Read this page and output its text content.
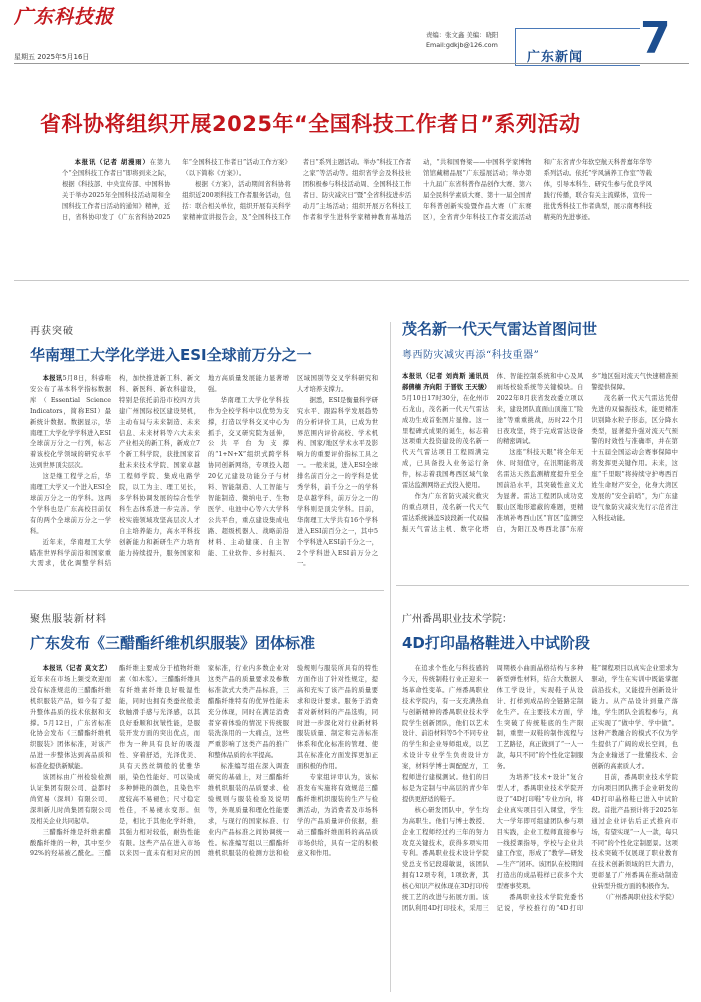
广东科技报
星期五 2025年5月16日
责编：张文鑫 美编：晓阳
Email:gdkjb@126.com
广东新闻 7
省科协将组织开展2025年“全国科技工作者日”系列活动

本报讯（记者 胡漫雨）在第九个“全国科技工作者日”即将到来之际，根据《科技部、中央宣传部、中国科协关于举办2025年全国科技活动周和全国科技工作者日活动的通知》精神，近日，省科协印发了《广东省科协2025年“全国科技工作者日”活动工作方案》（以下简称《方案》）。

根据《方案》，活动期间省科协将组织近200项科技工作者服务活动，包括：联合相关单位，组织开展有关科学家精神宣讲报告会，及“全国科技工作者日”系列主题活动。举办“科技工作者之家”等活动等。组织省学会及科技社团积极参与科技活动周、全国科技工作者日、防灾减灾日“暨”全省科技进步活动月”主场活动；组织开展万名科技工作者和学生进科学家精神教育基地活动，“共和国脊梁——中国科学家博物馆馆藏精品展”广东巡展活动；举办第十九届广东省科普作品创作大赛、第六届全民科学素质大赛、第十一届全国青年科普创新实验暨作品大赛（广东赛区），全省青少年科技工作者交流活动和广东省青少年软空航天科普嘉年华等系列活动。依托“学风涵养工作室”等载体，引导本科生、研究生参与优良学风践行传播，联合有关主流媒体，宣传一批优秀科技工作者典型，展示南粤科技精英的先进事迹。

再获突破
华南理工大学化学进入ESI全球前万分之一

本报讯5月8日，科睿唯安公布了基本科学指标数据库（Essential Science Indicators，简称ESI）最新统计数据。数据显示，华南理工大学化学学科进入ESI全球前万分之一行列，标志着该校化学领域的研究水平达到世界顶尖层次。

这是继工程学之后，华南理工大学又一个进入ESI全球前万分之一的学科。这两个学科也是广东高校目前仅有的两个全球前万分之一学科。

近年来，华南理工大学瞄准世界科学前沿和国家重大需求，优化调整学科结构，加快推进新工科、新文科、新医科、新农科建设，特别是依托前沿市校四方共建广州国际校区建设契机，主动布局与未来制造、未来信息、未来材料等六大未来产业相关的新工科，新成立7个新工科学院，获批国家首批未来技术学院、国家卓越工程师学院、集成电路学院，以工为主、理工见长，多学科协调发展的综合性学科生态体系进一步完善。学校实施领域攻坚高层次人才自主培养能力，高水平科技创新能力和新研生产力培育能力持续提升，服务国家和地方高质量发展能力显著增强。

华南理工大学化学科技作为全校学科中以优势为支撑，打造以学科交叉中心为抓手，交叉研究院为延伸，公共平台为支撑的“1+N+X”组织式跨学科协同创新网络，专项投入超20亿元建设功能分子与材料、智能制造、人工智能与智能制造、微纳电子、生物医学、电池中心等六大学科公共平台，重点建设集成电路、超级机器人、战略前沿材料、主动健康、自主智能、工业软件、乡村振兴、区域国别等交叉学科研究和人才培养支撑力。

据悉，ESI是衡量科学研究水平、跟踪科学发展趋势的分析评价工具，已成为世界范围内评价高校、学术机构、国家/地区学术水平及影响力的重要评价指标工具之一。一般来说，进入ESI全球排名前百分之一的学科是优秀学科，前千分之一的学科是卓越学科，前万分之一的学科则是顶尖学科。目前，华南理工大学共有16个学科进入ESI前百分之一，其中5个学科进入ESI前千分之一，2个学科进入ESI前万分之一。

聚焦服装新材料
广东发布《三醋酯纤维机织服装》团体标准

本报讯（记者 莫文艺）近年来在市场上频受欢迎而没有标准规范的三醋酯纤维机织服装产品，如今有了提升整体品质的技术依据和支撑。5月12日，广东省标准化协会发布《三醋酯纤维机织服装》团体标准，对该产品进一步整体达到高品质和标准化提供新赋能。

该团标由广州检验检测认证集团有限公司、益都时尚贸易（深圳）有限公司、深圳新儿时尚集团有限公司及相关企业共同起草。

三醋酯纤维是纤维素醋酸酯纤维的一种，其中至少92%的羟基被乙酰化。三醋酯纤维主要成分于植物纤维素（如木浆）。三醋酯纤维具有纤维素纤维良好吸湿性能，同时也拥有类蚕丝般柔软触滑手感与光泽感，以其良好垂顺和抗皱性能，是服装开发方面的突出优点，而作为一种具有良好的吸湿性、穿着舒适，光泽优美、具有天然丝绸般的优雅华丽，染色性能好、可以染成多种鲜艳的颜色，且染色牢度较高不易褪色；尺寸稳定性佳，不易褪水变形。但是，相比于其他化学纤维，其强力相对较低，耐热性能有限。这些产品在进入市场以来因一直未有相对应的国家标准，行业内多数企业对这类产品的质量要求及参数标准款式大类产品标准，三醋酯纤维特有的优异性能未充分体现，同时在满足消费者穿着体验的情况下传统服装洗涤用的一大痛点，这些严重影响了这类产品的推广和整体品质的水平提高。

标准编写组在深入调查研究的基础上，对三醋酯纤维机织服装的品质要求、检验规则与服装检验及说明等，外观质量和理化性能要求，与现行的国家标准、行业内产品标准之间协调统一性。标准编写组以三醋酯纤维机织服装的检测方法和检验规则与服装所具有的特性方面作出了针对性规定，提高和充实了该产品的质量要求和设计要求。服务于消费者对新材料的产品选购，同时进一步深化对行业新材料服装质量、制定和完善标准体系和优化标准的管理、使其在标准化方面发挥更加正面积极的作用。

专家组评审认为，该标准发布实施将有效规范三醋酯纤维机织服装的生产与检测活动，为消费者及市场科学的产品质量评价依据，推动三醋酯纤维面料的高品质市场供给，具有一定的积极意义和作用。

茂名新一代天气雷达首图问世
粤西防灾减灾再添“科技重器”

本报讯（记者 刘尚斯 通讯员 郝倩楠 齐向阳 于晋钦 王天骏）5月10日17时30分，在化州市石龙山，茂名新一代天气雷达成功生成首张图片显像。这一里程碑式成果的诞生，标志着这项重大投资建设的茂名新一代天气雷达项目工程圆满完成，已具备投入业务运行条件，标志着我国粤西区域气象雷达监测网络正式投入使用。

作为广东省防灾减灾救灾的重点项目，茂名新一代天气雷达系统涵盖S波段新一代双偏振天气雷达主机、数字化塔体、智能控制系统和中心及风雨场校验系统等关键模块。自2022年8月获省发改委立项以来，建设团队直面山顶施工“险途”等重重挑战，历时22个月日夜攻坚，终于完成雷达设备的精密调试。

这座“科技天眼”将全年无休、时刻值守，在汛期能将茂名雷达天然监测精度提升至全国前沿水平，其突破性意义尤为显著。雷达工程团队成功克服山区地形遮蔽的难题，更精准填补粤西山区“盲区”监测空白，为阳江及粤西北部“东府乡”地区强对流天气快速精准预警提供保障。

茂名新一代天气雷达凭借先进的双偏振技术，能更精准识别降水粒子形态，区分降水类型，显著提升强对流天气预警的时效性与准确率，并在第十五届全国运动会赛事保障中将发挥更关键作用。未来，这座“千里眼”将持续守护粤西百姓生命财产安全，化身大湾区发展的“安全前哨”，为广东建设气象防灾减灾先行示范省注入科技动能。

广州番禺职业技术学院：
4D打印晶格鞋进入中试阶段

在追求个性化与科技感的今天，传统制鞋行业正迎来一场革命性变革。广州番禺职业技术学院内，有一支充满热血与创新精神的番禺职业技术学院学生创新团队，他们以艺术设计、前沿材料等5个不同专业的学生和企业导师组成，以艺术设计专业学生负责设计方案，材料学博士调配配方，工程师进行建模测试。他们的目标是为定制与中高层的青少年提供更舒适的鞋子。

核心研发团队中，学生均为高职生。他们与博士教授、企业工程师经过约三年的努力攻克关键技术，获得多项实用专利。番禺职业技术设计学院党总支书记段璟敏说，该团队拥有12项专利，1项软著，其核心知识产权体现在3D打印传统工艺的改进与拓展方面。该团队利用4D打印技术，采用三周期极小曲面晶格结构与多种新型弹性材料，结合大数据人体工学设计，实现鞋子从设计、打样到成品的全链路定制化生产。在主要技术方面，学生突破了传统鞋底的生产限制，重塑一双鞋的制作流程与工艺路径，真正做到了“一人一款，每只不同”的个性化定制服务。

为培养“技术+设计”复合型人才，番禺职业技术学院开设了“4D打印鞋”专业方向，将企业真实项目引入课堂，学生大一学年即可组建团队参与项目实践，企业工程师直接参与一线授课指导，学校与企业共建工作室，形成了“教学—研发—生产”闭环。该团队在校期间打造出的成品鞋样已获多个大型赛事奖项。

番禺职业技术学院党委书记说，学校推行的“4D打印鞋”课程项目以真实企业需求为驱动，学生在实训中既能掌握前沿技术，又能提升创新设计能力。从产品设计到量产落地，学生团队全流程参与，真正实现了“做中学、学中做”。这种产教融合的模式不仅为学生提供了广阔的成长空间，也为企业输送了一批懂技术、会创新的高素质人才。

目前，番禺职业技术学院方向项目团队携手企业研发的4D打印晶格鞋已进入中试阶段。首批产品预计将于2025年通过企业评估后正式推向市场，有望实现“一人一款，每只不同”的个性化定制愿景。这项技术突破不仅展现了职业教育在技术创新领域的巨大潜力，更彰显了广州番禺在推动制造业转型升级方面的积极作为。

（广州番禺职业技术学院）
